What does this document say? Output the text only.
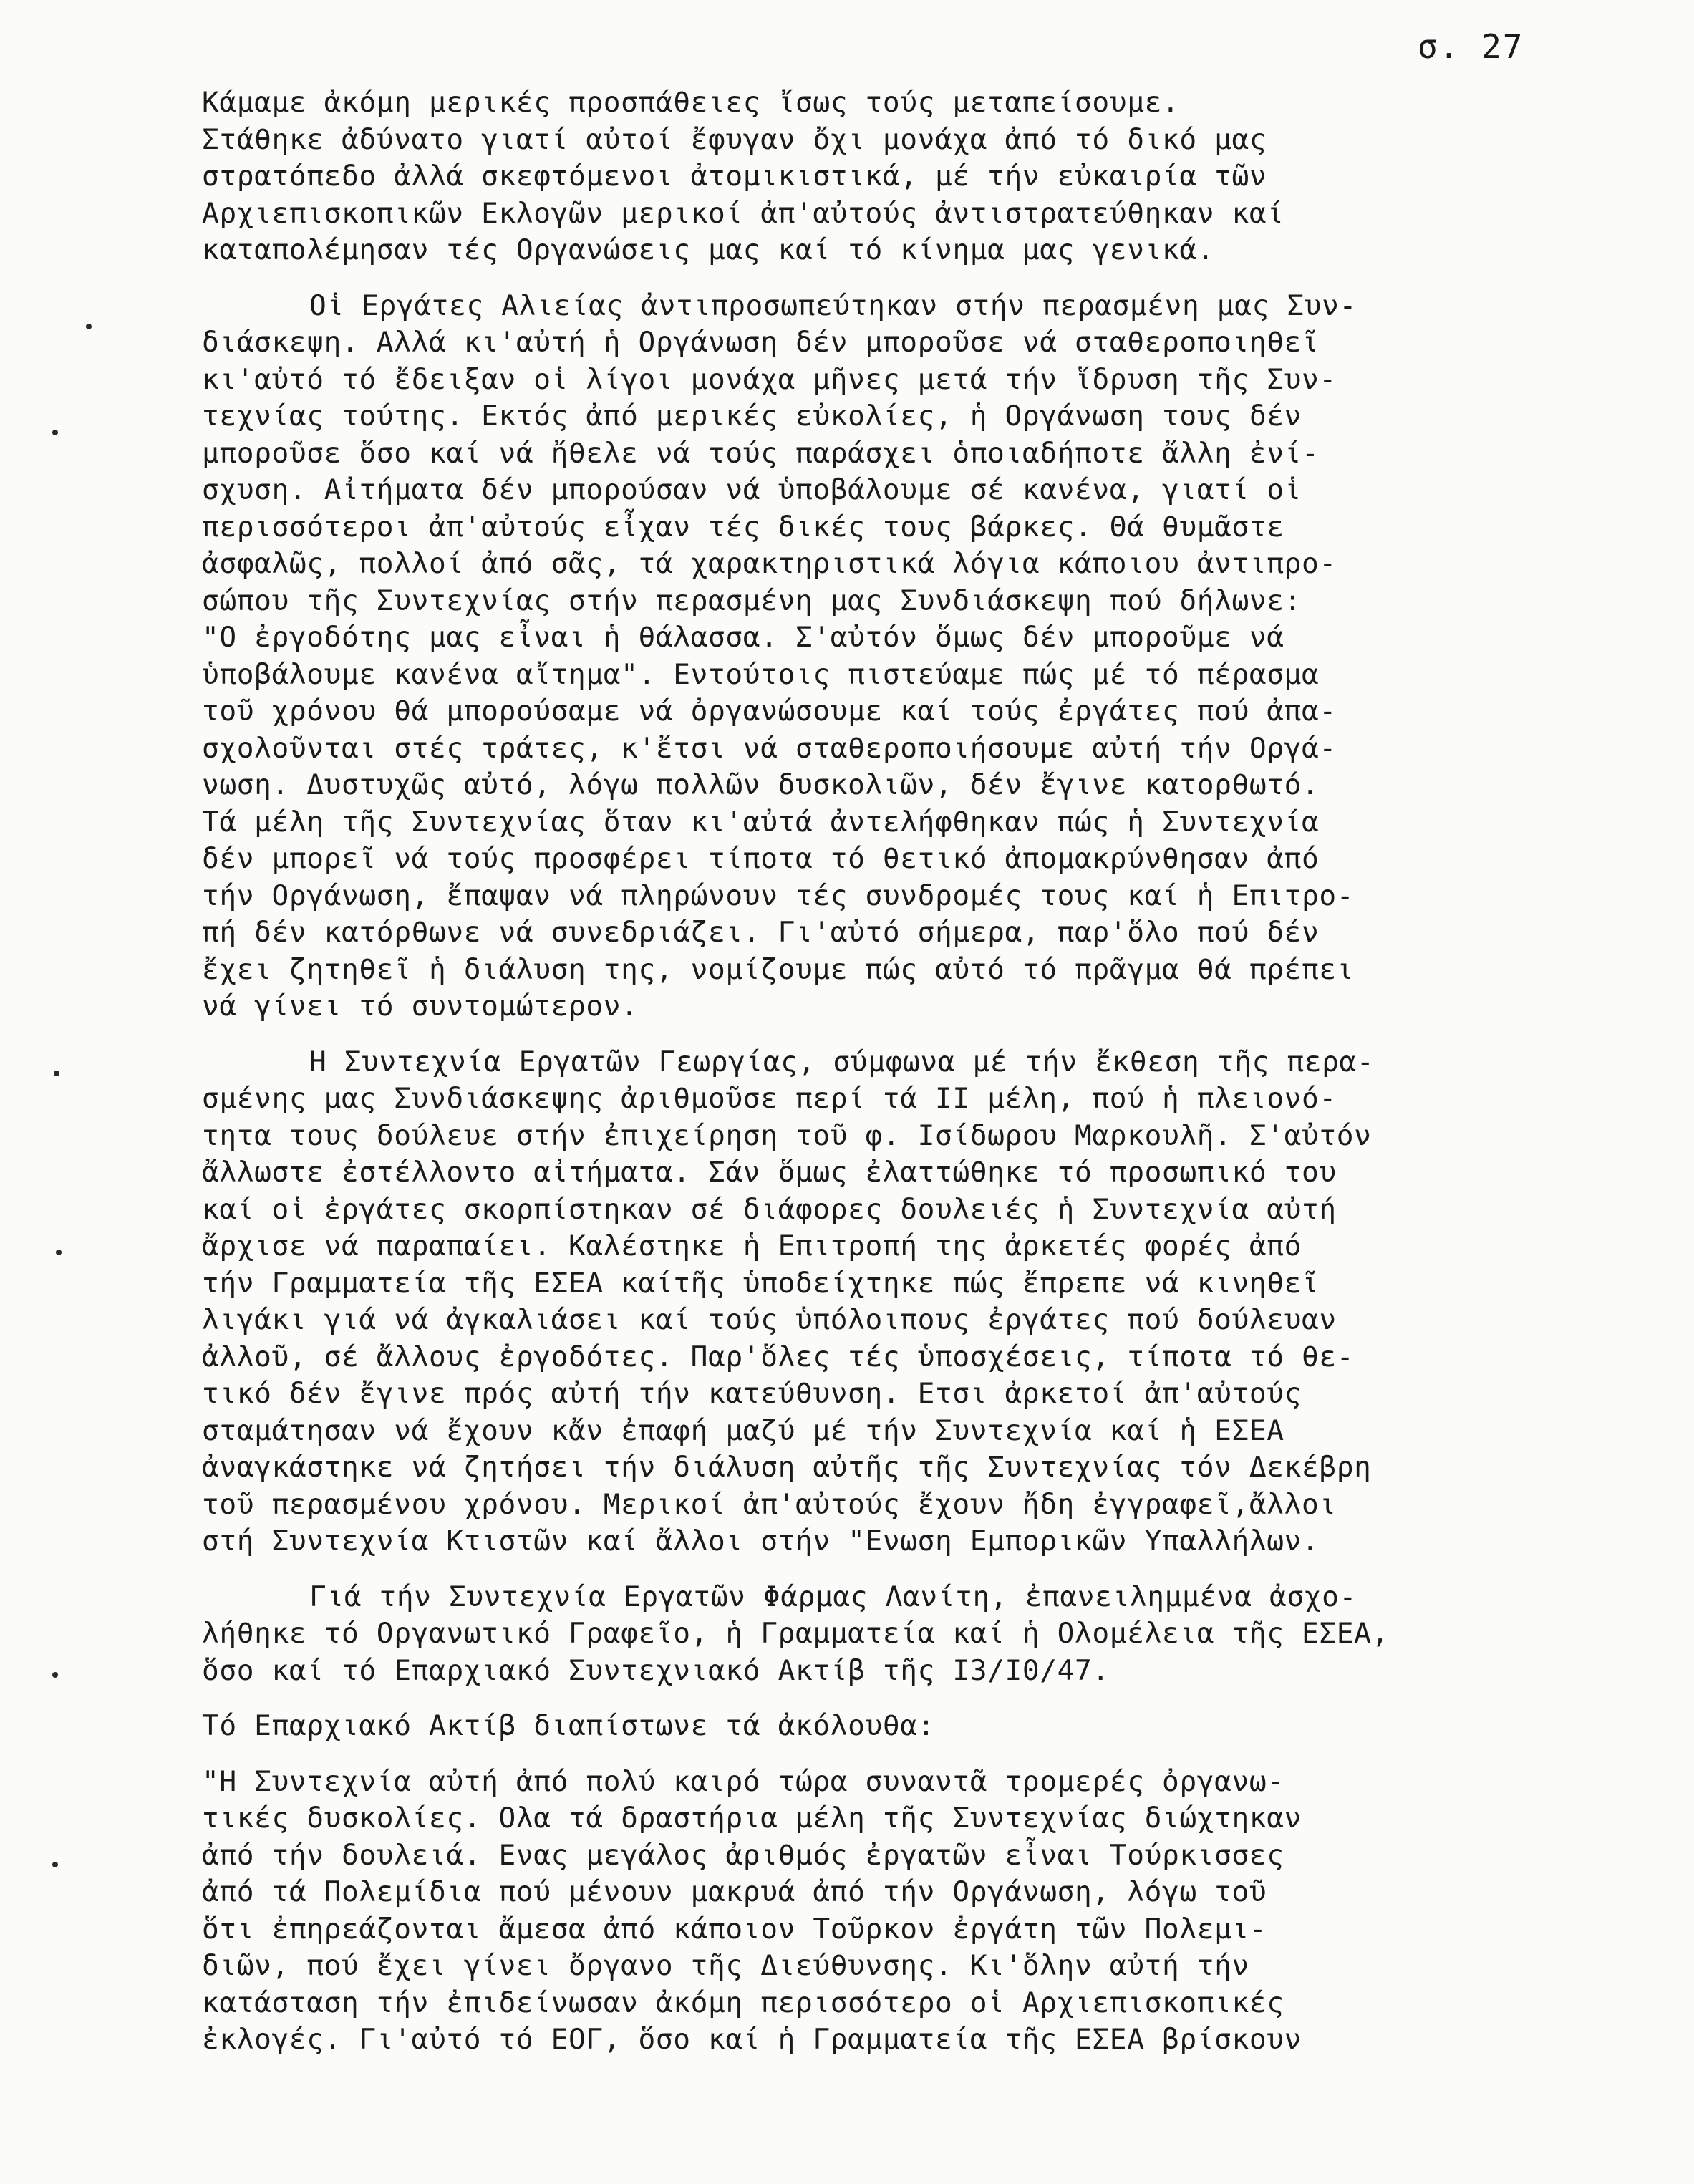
σ. 27
Κάμαμε ἀκόμη μερικές προσπάθειες ἴσως τούς μεταπείσουμε.
Στάθηκε ἀδύνατο γιατί αὐτοί ἔφυγαν ὄχι μονάχα ἀπό τό δικό μας
στρατόπεδο ἀλλά σκεφτόμενοι ἀτομικιστικά, μέ τήν εὐκαιρία τῶν
Αρχιεπισκοπικῶν Εκλογῶν μερικοί ἀπ'αὐτούς ἀντιστρατεύθηκαν καί
καταπολέμησαν τές Οργανώσεις μας καί τό κίνημα μας γενικά.
Οἱ Εργάτες Αλιείας ἀντιπροσωπεύτηκαν στήν περασμένη μας Συν-
διάσκεψη. Αλλά κι'αὐτή ἡ Οργάνωση δέν μποροῦσε νά σταθεροποιηθεῖ
κι'αὐτό τό ἔδειξαν οἱ λίγοι μονάχα μῆνες μετά τήν ἵδρυση τῆς Συν-
τεχνίας τούτης. Εκτός ἀπό μερικές εὐκολίες, ἡ Οργάνωση τους δέν
μποροῦσε ὅσο καί νά ἤθελε νά τούς παράσχει ὁποιαδήποτε ἄλλη ἐνί-
σχυση. Αἰτήματα δέν μπορούσαν νά ὑποβάλουμε σέ κανένα, γιατί οἱ
περισσότεροι ἀπ'αὐτούς εἶχαν τές δικές τους βάρκες. Θά θυμᾶστε
ἀσφαλῶς, πολλοί ἀπό σᾶς, τά χαρακτηριστικά λόγια κάποιου ἀντιπρο-
σώπου τῆς Συντεχνίας στήν περασμένη μας Συνδιάσκεψη πού δήλωνε:
"Ο ἐργοδότης μας εἶναι ἡ θάλασσα. Σ'αὐτόν ὅμως δέν μποροῦμε νά
ὑποβάλουμε κανένα αἴτημα". Εντούτοις πιστεύαμε πώς μέ τό πέρασμα
τοῦ χρόνου θά μπορούσαμε νά ὀργανώσουμε καί τούς ἐργάτες πού ἀπα-
σχολοῦνται στές τράτες, κ'ἔτσι νά σταθεροποιήσουμε αὐτή τήν Οργά-
νωση. Δυστυχῶς αὐτό, λόγω πολλῶν δυσκολιῶν, δέν ἔγινε κατορθωτό.
Τά μέλη τῆς Συντεχνίας ὅταν κι'αὐτά ἀντελήφθηκαν πώς ἡ Συντεχνία
δέν μπορεῖ νά τούς προσφέρει τίποτα τό θετικό ἀπομακρύνθησαν ἀπό
τήν Οργάνωση, ἔπαψαν νά πληρώνουν τές συνδρομές τους καί ἡ Επιτρο-
πή δέν κατόρθωνε νά συνεδριάζει. Γι'αὐτό σήμερα, παρ'ὅλο πού δέν
ἔχει ζητηθεῖ ἡ διάλυση της, νομίζουμε πώς αὐτό τό πρᾶγμα θά πρέπει
νά γίνει τό συντομώτερον.
Η Συντεχνία Εργατῶν Γεωργίας, σύμφωνα μέ τήν ἔκθεση τῆς περα-
σμένης μας Συνδιάσκεψης ἀριθμοῦσε περί τά ΙΙ μέλη, πού ἡ πλειονό-
τητα τους δούλευε στήν ἐπιχείρηση τοῦ φ. Ισίδωρου Μαρκουλῆ. Σ'αὐτόν
ἄλλωστε ἐστέλλοντο αἰτήματα. Σάν ὅμως ἐλαττώθηκε τό προσωπικό του
καί οἱ ἐργάτες σκορπίστηκαν σέ διάφορες δουλειές ἡ Συντεχνία αὐτή
ἄρχισε νά παραπαίει. Καλέστηκε ἡ Επιτροπή της ἀρκετές φορές ἀπό
τήν Γραμματεία τῆς ΕΣΕΑ καίτῆς ὑποδείχτηκε πώς ἔπρεπε νά κινηθεῖ
λιγάκι γιά νά ἀγκαλιάσει καί τούς ὑπόλοιπους ἐργάτες πού δούλευαν
ἀλλοῦ, σέ ἄλλους ἐργοδότες. Παρ'ὅλες τές ὑποσχέσεις, τίποτα τό θε-
τικό δέν ἔγινε πρός αὐτή τήν κατεύθυνση. Ετσι ἀρκετοί ἀπ'αὐτούς
σταμάτησαν νά ἔχουν κἄν ἐπαφή μαζύ μέ τήν Συντεχνία καί ἡ ΕΣΕΑ
ἀναγκάστηκε νά ζητήσει τήν διάλυση αὐτῆς τῆς Συντεχνίας τόν Δεκέβρη
τοῦ περασμένου χρόνου. Μερικοί ἀπ'αὐτούς ἔχουν ἤδη ἐγγραφεῖ,ἄλλοι
στή Συντεχνία Κτιστῶν καί ἄλλοι στήν "Ενωση Εμπορικῶν Υπαλλήλων.
Γιά τήν Συντεχνία Εργατῶν Φάρμας Λανίτη, ἐπανειλημμένα ἀσχο-
λήθηκε τό Οργανωτικό Γραφεῖο, ἡ Γραμματεία καί ἡ Ολομέλεια τῆς ΕΣΕΑ,
ὅσο καί τό Επαρχιακό Συντεχνιακό Ακτίβ τῆς Ι3/Ι0/47.
Τό Επαρχιακό Ακτίβ διαπίστωνε τά ἀκόλουθα:
"Η Συντεχνία αὐτή ἀπό πολύ καιρό τώρα συναντᾶ τρομερές ὀργανω-
τικές δυσκολίες. Ολα τά δραστήρια μέλη τῆς Συντεχνίας διώχτηκαν
ἀπό τήν δουλειά. Ενας μεγάλος ἀριθμός ἐργατῶν εἶναι Τούρκισσες
ἀπό τά Πολεμίδια πού μένουν μακρυά ἀπό τήν Οργάνωση, λόγω τοῦ
ὅτι ἐπηρεάζονται ἄμεσα ἀπό κάποιον Τοῦρκον ἐργάτη τῶν Πολεμι-
διῶν, πού ἔχει γίνει ὄργανο τῆς Διεύθυνσης. Κι'ὅλην αὐτή τήν
κατάσταση τήν ἐπιδείνωσαν ἀκόμη περισσότερο οἱ Αρχιεπισκοπικές
ἐκλογές. Γι'αὐτό τό ΕΟΓ, ὅσο καί ἡ Γραμματεία τῆς ΕΣΕΑ βρίσκουν
